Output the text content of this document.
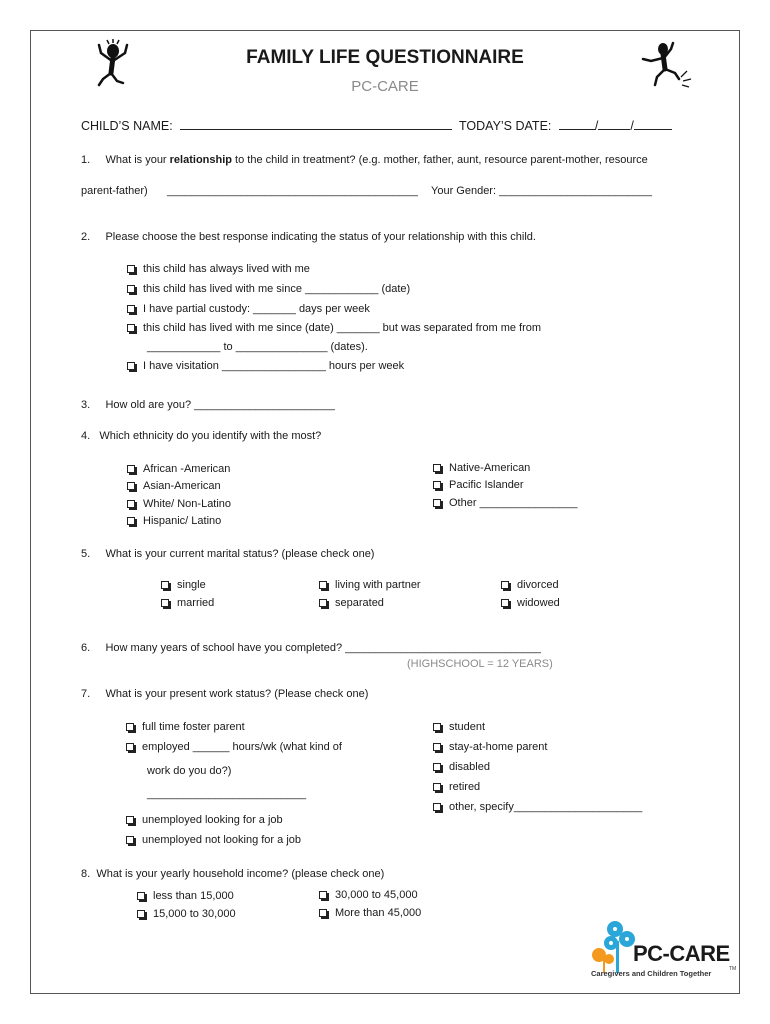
FAMILY LIFE QUESTIONNAIRE
PC-CARE
CHILD’S NAME:	TODAY’S DATE:	/	/
1. What is your relationship to the child in treatment? (e.g. mother, father, aunt, resource parent-mother, resource
parent-father) _________________________________________ Your Gender: _________________________
2. Please choose the best response indicating the status of your relationship with this child.
this child has always lived with me
this child has lived with me since ____________ (date)
I have partial custody: _______ days per week
this child has lived with me since (date) _______ but was separated from me from
____________ to _______________ (dates).
I have visitation _________________ hours per week
3. How old are you? _______________________
4. Which ethnicity do you identify with the most?
African -American
Asian-American
White/ Non-Latino
Hispanic/ Latino
Native-American
Pacific Islander
Other ________________
5. What is your current marital status? (please check one)
single
married
living with partner
separated
divorced
widowed
6. How many years of school have you completed? ________________________________
(HIGHSCHOOL = 12 YEARS)
7. What is your present work status? (Please check one)
full time foster parent
employed ______ hours/wk (what kind of
work do you do?)
__________________________
unemployed looking for a job
unemployed not looking for a job
student
stay-at-home parent
disabled
retired
other, specify_____________________
8. What is your yearly household income? (please check one)
less than 15,000
15,000 to 30,000
30,000 to 45,000
More than 45,000
PC-CARE
Caregivers and Children Together	TM
